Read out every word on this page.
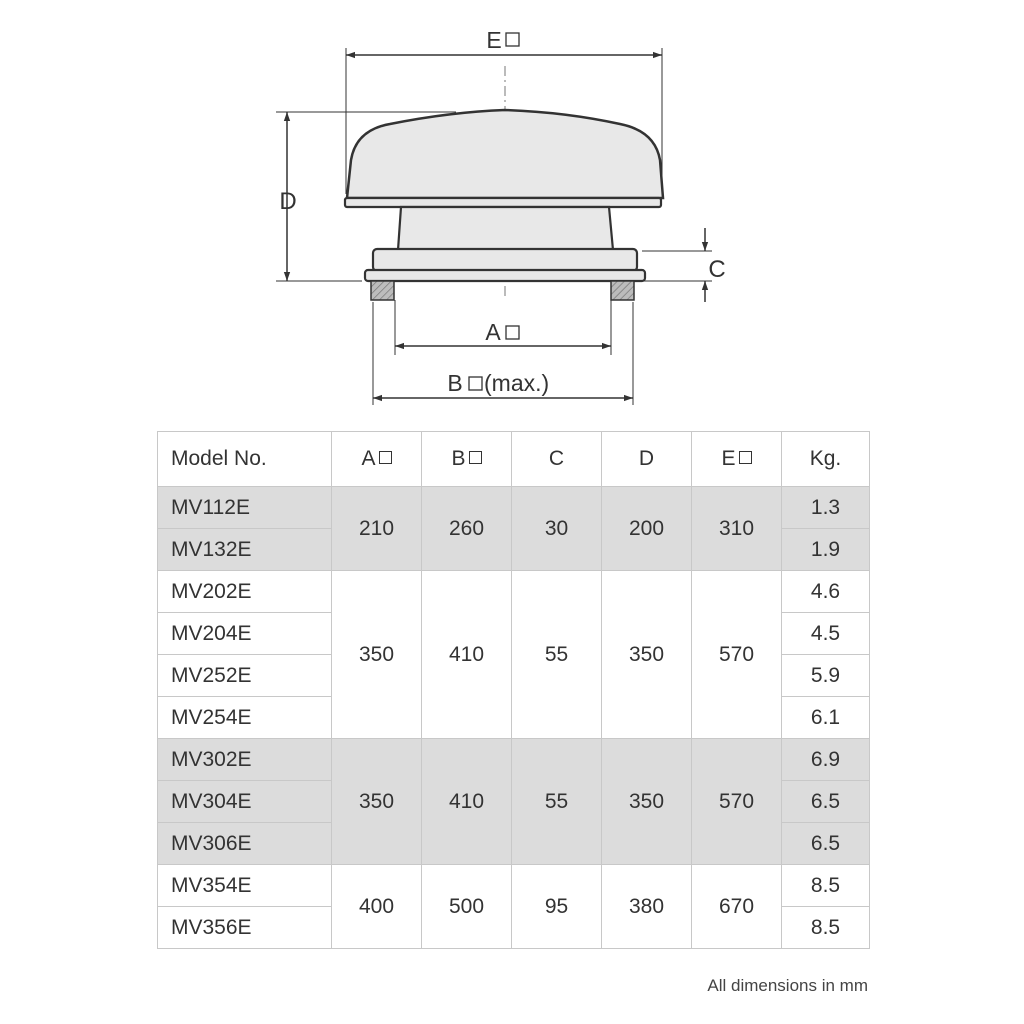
E
D
C
A
B (max.)
Model No.	A	B	C	D	E	Kg.
MV112E	210	260	30	200	310	1.3
MV132E						1.9
MV202E	350	410	55	350	570	4.6
MV204E						4.5
MV252E						5.9
MV254E						6.1
MV302E	350	410	55	350	570	6.9
MV304E						6.5
MV306E						6.5
MV354E	400	500	95	380	670	8.5
MV356E						8.5
All dimensions in mm
